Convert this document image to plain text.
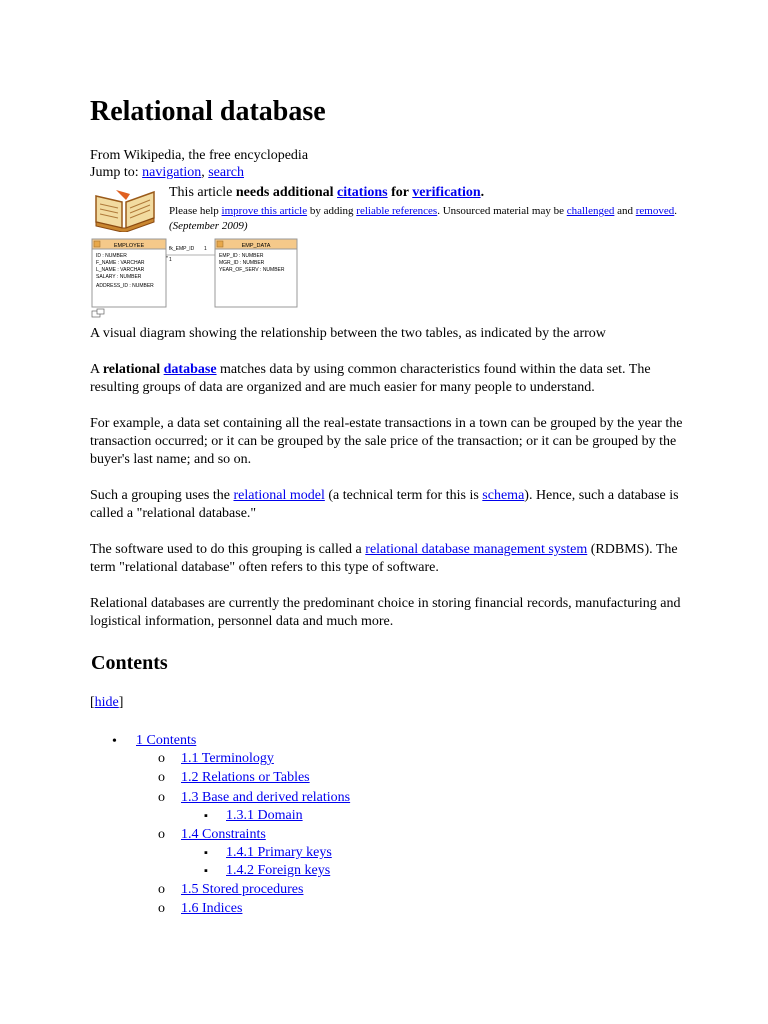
Relational database
From Wikipedia, the free encyclopedia
Jump to: navigation, search
This article needs additional citations for verification.
Please help improve this article by adding reliable references. Unsourced material may be challenged and removed. (September 2009)
EMPLOYEE
ID : NUMBER
F_NAME : VARCHAR
L_NAME : VARCHAR
SALARY : NUMBER
ADDRESS_ID : NUMBER
EMP_DATA
EMP_ID : NUMBER
MGR_ID : NUMBER
YEAR_OF_SERV : NUMBER
fk_EMP_ID 1
1
«
A visual diagram showing the relationship between the two tables, as indicated by the arrow
A relational database matches data by using common characteristics found within the data set. The resulting groups of data are organized and are much easier for many people to understand.
For example, a data set containing all the real-estate transactions in a town can be grouped by the year the transaction occurred; or it can be grouped by the sale price of the transaction; or it can be grouped by the buyer's last name; and so on.
Such a grouping uses the relational model (a technical term for this is schema). Hence, such a database is called a "relational database."
The software used to do this grouping is called a relational database management system (RDBMS). The term "relational database" often refers to this type of software.
Relational databases are currently the predominant choice in storing financial records, manufacturing and logistical information, personnel data and much more.
Contents
[hide]
• 1 Contents
o 1.1 Terminology
o 1.2 Relations or Tables
o 1.3 Base and derived relations
▪ 1.3.1 Domain
o 1.4 Constraints
▪ 1.4.1 Primary keys
▪ 1.4.2 Foreign keys
o 1.5 Stored procedures
o 1.6 Indices
